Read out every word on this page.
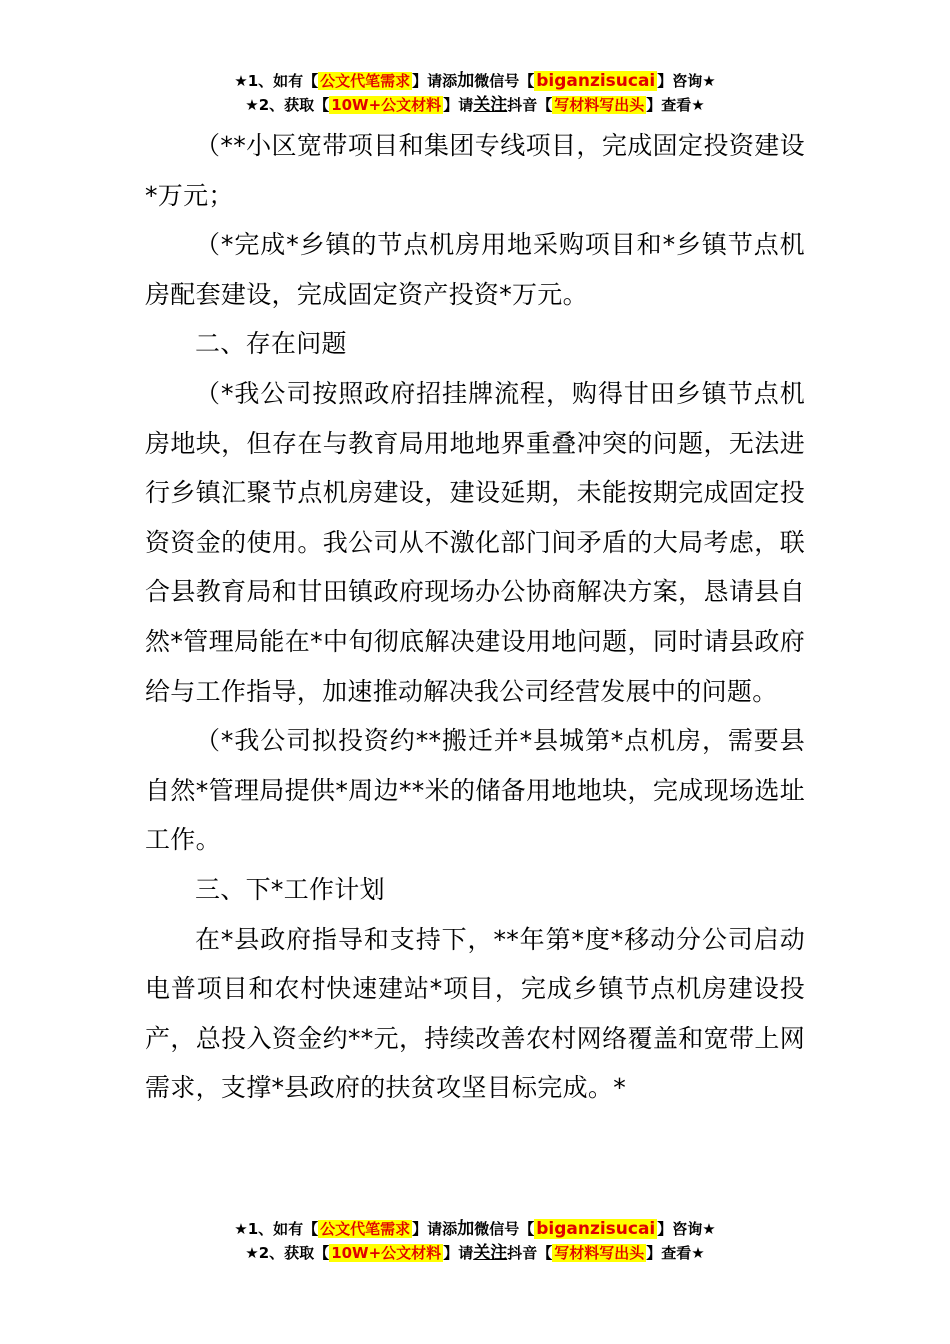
★1、如有【 公文代笔需求 】请添加微信号【 biganzisucai 】咨询★
★2、获取【 10W+公文材料 】请关注抖音【 写材料写出头 】查看★

（**小区宽带项目和集团专线项目，完成固定投资建设*万元；

（*完成*乡镇的节点机房用地采购项目和*乡镇节点机房配套建设，完成固定资产投资*万元。

二、存在问题

（*我公司按照政府招挂牌流程，购得甘田乡镇节点机房地块，但存在与教育局用地地界重叠冲突的问题，无法进行乡镇汇聚节点机房建设，建设延期，未能按期完成固定投资资金的使用。我公司从不激化部门间矛盾的大局考虑，联合县教育局和甘田镇政府现场办公协商解决方案，恳请县自然*管理局能在*中旬彻底解决建设用地问题，同时请县政府给与工作指导，加速推动解决我公司经营发展中的问题。

（*我公司拟投资约**搬迁并*县城第*点机房，需要县自然*管理局提供*周边**米的储备用地地块，完成现场选址工作。

三、下*工作计划

在*县政府指导和支持下，**年第*度*移动分公司启动电普项目和农村快速建站*项目，完成乡镇节点机房建设投产，总投入资金约**元，持续改善农村网络覆盖和宽带上网需求，支撑*县政府的扶贫攻坚目标完成。*

★1、如有【 公文代笔需求 】请添加微信号【 biganzisucai 】咨询★
★2、获取【 10W+公文材料 】请关注抖音【 写材料写出头 】查看★
